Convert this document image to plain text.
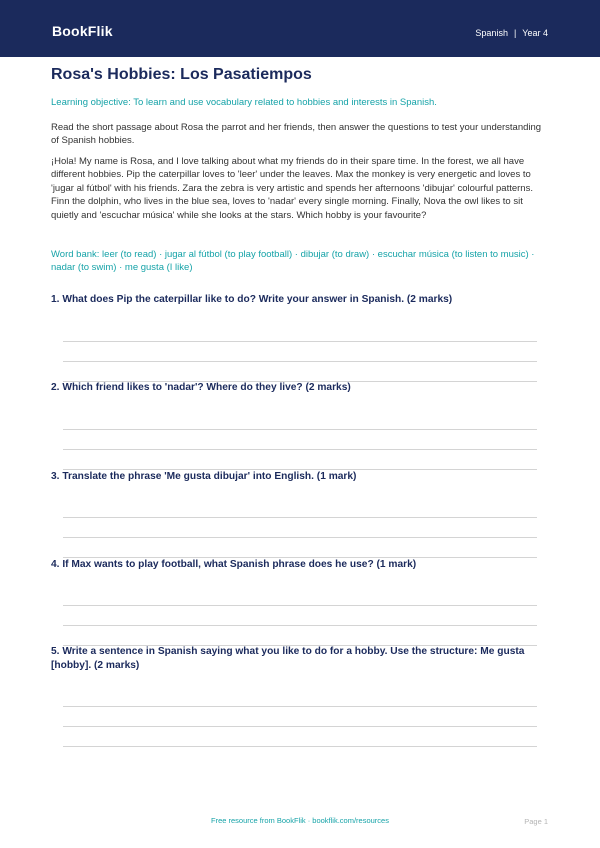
BookFlik	Spanish | Year 4
Rosa's Hobbies: Los Pasatiempos
Learning objective: To learn and use vocabulary related to hobbies and interests in Spanish.
Read the short passage about Rosa the parrot and her friends, then answer the questions to test your understanding of Spanish hobbies.
¡Hola! My name is Rosa, and I love talking about what my friends do in their spare time. In the forest, we all have different hobbies. Pip the caterpillar loves to 'leer' under the leaves. Max the monkey is very energetic and loves to 'jugar al fútbol' with his friends. Zara the zebra is very artistic and spends her afternoons 'dibujar' colourful patterns. Finn the dolphin, who lives in the blue sea, loves to 'nadar' every single morning. Finally, Nova the owl likes to sit quietly and 'escuchar música' while she looks at the stars. Which hobby is your favourite?
Word bank: leer (to read) · jugar al fútbol (to play football) · dibujar (to draw) · escuchar música (to listen to music) · nadar (to swim) · me gusta (I like)
1. What does Pip the caterpillar like to do? Write your answer in Spanish. (2 marks)
2. Which friend likes to 'nadar'? Where do they live? (2 marks)
3. Translate the phrase 'Me gusta dibujar' into English. (1 mark)
4. If Max wants to play football, what Spanish phrase does he use? (1 mark)
5. Write a sentence in Spanish saying what you like to do for a hobby. Use the structure: Me gusta [hobby]. (2 marks)
Free resource from BookFlik · bookflik.com/resources	Page 1
